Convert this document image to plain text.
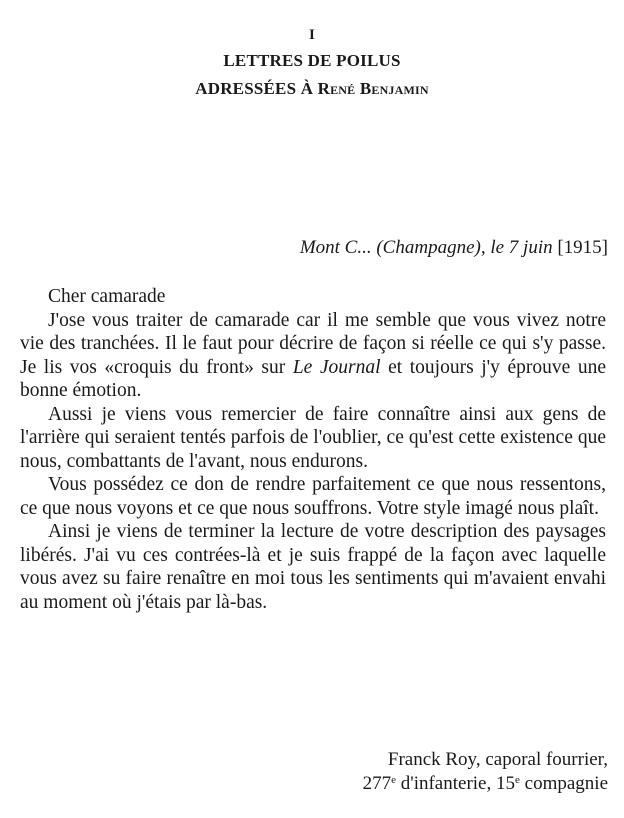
I
LETTRES DE POILUS
ADRESSÉES À René Benjamin
Mont C... (Champagne), le 7 juin [1915]

Cher camarade

J'ose vous traiter de camarade car il me semble que vous vivez notre vie des tranchées. Il le faut pour décrire de façon si réelle ce qui s'y passe. Je lis vos «croquis du front» sur Le Journal et toujours j'y éprouve une bonne émotion.

Aussi je viens vous remercier de faire connaître ainsi aux gens de l'arrière qui seraient tentés parfois de l'oublier, ce qu'est cette existence que nous, combattants de l'avant, nous endurons.

Vous possédez ce don de rendre parfaitement ce que nous ressentons, ce que nous voyons et ce que nous souffrons. Votre style imagé nous plaît.

Ainsi je viens de terminer la lecture de votre description des paysages libérés. J'ai vu ces contrées-là et je suis frappé de la façon avec laquelle vous avez su faire renaître en moi tous les sentiments qui m'avaient envahi au moment où j'étais par là-bas.

Franck Roy, caporal fourrier,
277e d'infanterie, 15e compagnie
